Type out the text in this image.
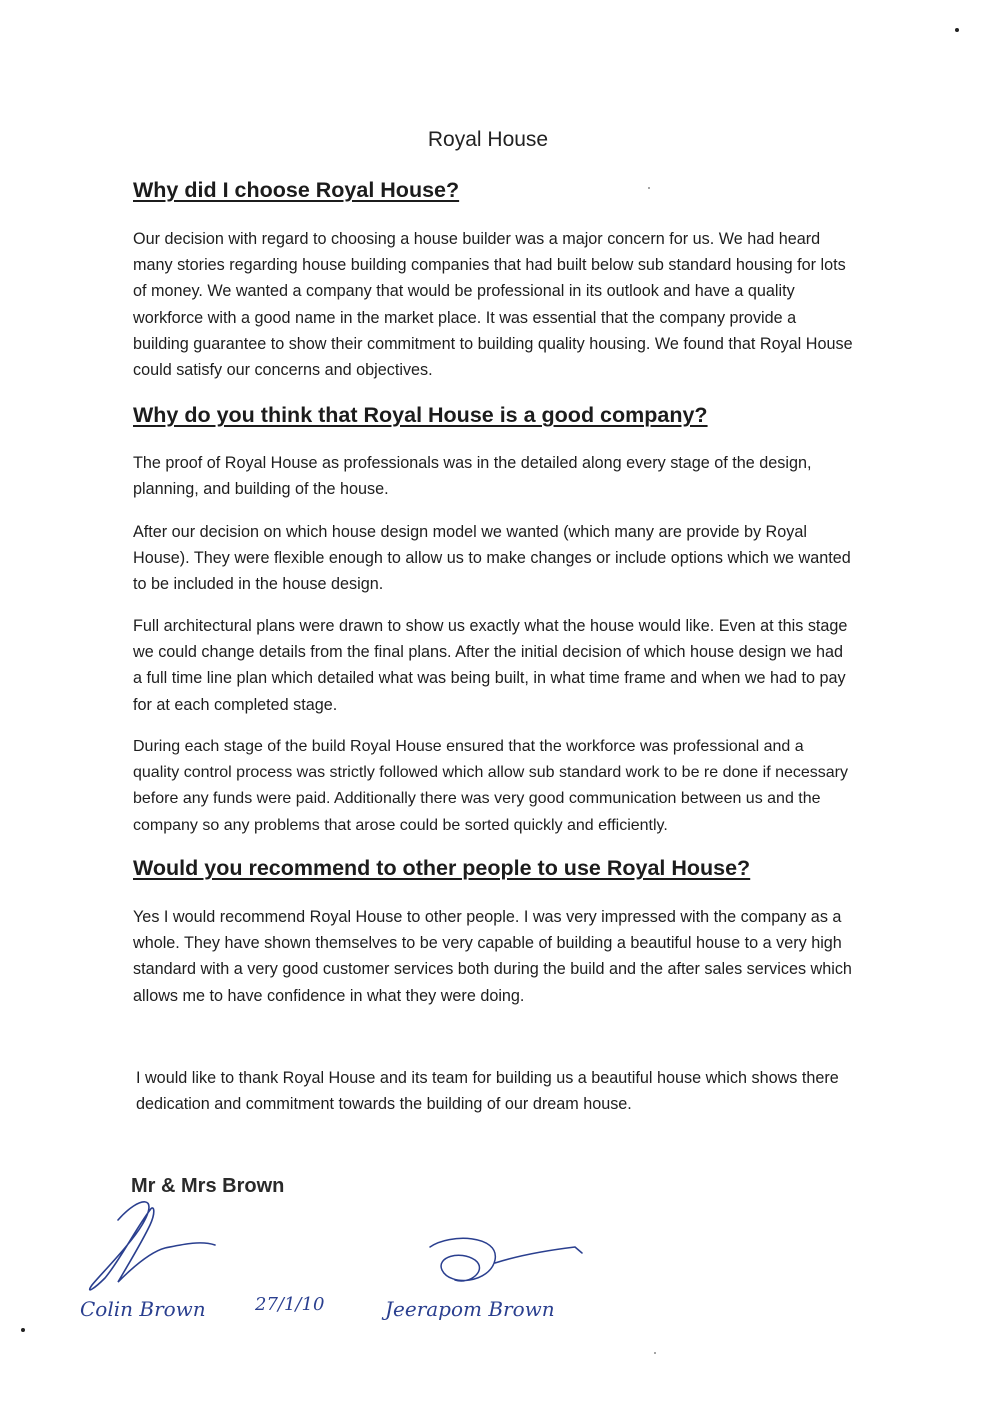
Royal House
Why did I choose Royal House?

Our decision with regard to choosing a house builder was a major concern for us. We had heard many stories regarding house building companies that had built below sub standard housing for lots of money. We wanted a company that would be professional in its outlook and have a quality workforce with a good name in the market place. It was essential that the company provide a building guarantee to show their commitment to building quality housing. We found that Royal House could satisfy our concerns and objectives.

Why do you think that Royal House is a good company?

The proof of Royal House as professionals was in the detailed along every stage of the design, planning, and building of the house.

After our decision on which house design model we wanted (which many are provide by Royal House). They were flexible enough to allow us to make changes or include options which we wanted to be included in the house design.

Full architectural plans were drawn to show us exactly what the house would like. Even at this stage we could change details from the final plans. After the initial decision of which house design we had a full time line plan which detailed what was being built, in what time frame and when we had to pay for at each completed stage.

During each stage of the build Royal House ensured that the workforce was professional and a quality control process was strictly followed which allow sub standard work to be re done if necessary before any funds were paid. Additionally there was very good communication between us and the company so any problems that arose could be sorted quickly and efficiently.

Would you recommend to other people to use Royal House?

Yes I would recommend Royal House to other people. I was very impressed with the company as a whole. They have shown themselves to be very capable of building a beautiful house to a very high standard with a very good customer services both during the build and the after sales services which allows me to have confidence in what they were doing.

I would like to thank Royal House and its team for building us a beautiful house which shows there dedication and commitment towards the building of our dream house.

Mr & Mrs Brown

Colin Brown	27/1/10	Jeerapom Brown
